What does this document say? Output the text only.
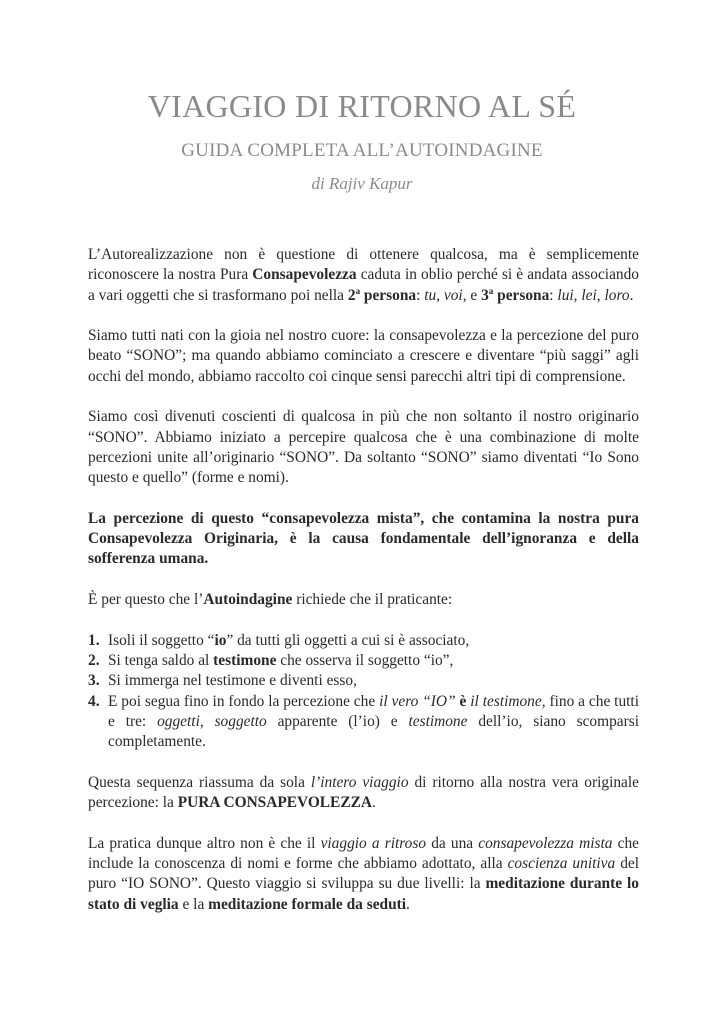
VIAGGIO DI RITORNO AL SÉ
GUIDA COMPLETA ALL’AUTOINDAGINE
di Rajiv Kapur

L’Autorealizzazione non è questione di ottenere qualcosa, ma è semplicemente riconoscere la nostra Pura Consapevolezza caduta in oblio perché si è andata associando a vari oggetti che si trasformano poi nella 2$^a$ persona: tu, voi, e 3$^a$ persona: lui, lei, loro.

Siamo tutti nati con la gioia nel nostro cuore: la consapevolezza e la percezione del puro beato “SONO”; ma quando abbiamo cominciato a crescere e diventare “più saggi” agli occhi del mondo, abbiamo raccolto coi cinque sensi parecchi altri tipi di comprensione.

Siamo così divenuti coscienti di qualcosa in più che non soltanto il nostro originario “SONO”. Abbiamo iniziato a percepire qualcosa che è una combinazione di molte percezioni unite all’originario “SONO”. Da soltanto “SONO” siamo diventati “Io Sono questo e quello” (forme e nomi).

La percezione di questo “consapevolezza mista”, che contamina la nostra pura Consapevolezza Originaria, è la causa fondamentale dell’ignoranza e della sofferenza umana.

È per questo che l’Autoindagine richiede che il praticante:

1. Isoli il soggetto “io” da tutti gli oggetti a cui si è associato,
2. Si tenga saldo al testimone che osserva il soggetto “io”,
3. Si immerga nel testimone e diventi esso,
4. E poi segua fino in fondo la percezione che il vero “IO” è il testimone, fino a che tutti e tre: oggetti, soggetto apparente (l’io) e testimone dell’io, siano scomparsi completamente.

Questa sequenza riassuma da sola l’intero viaggio di ritorno alla nostra vera originale percezione: la PURA CONSAPEVOLEZZA.

La pratica dunque altro non è che il viaggio a ritroso da una consapevolezza mista che include la conoscenza di nomi e forme che abbiamo adottato, alla coscienza unitiva del puro “IO SONO”. Questo viaggio si sviluppa su due livelli: la meditazione durante lo stato di veglia e la meditazione formale da seduti.
